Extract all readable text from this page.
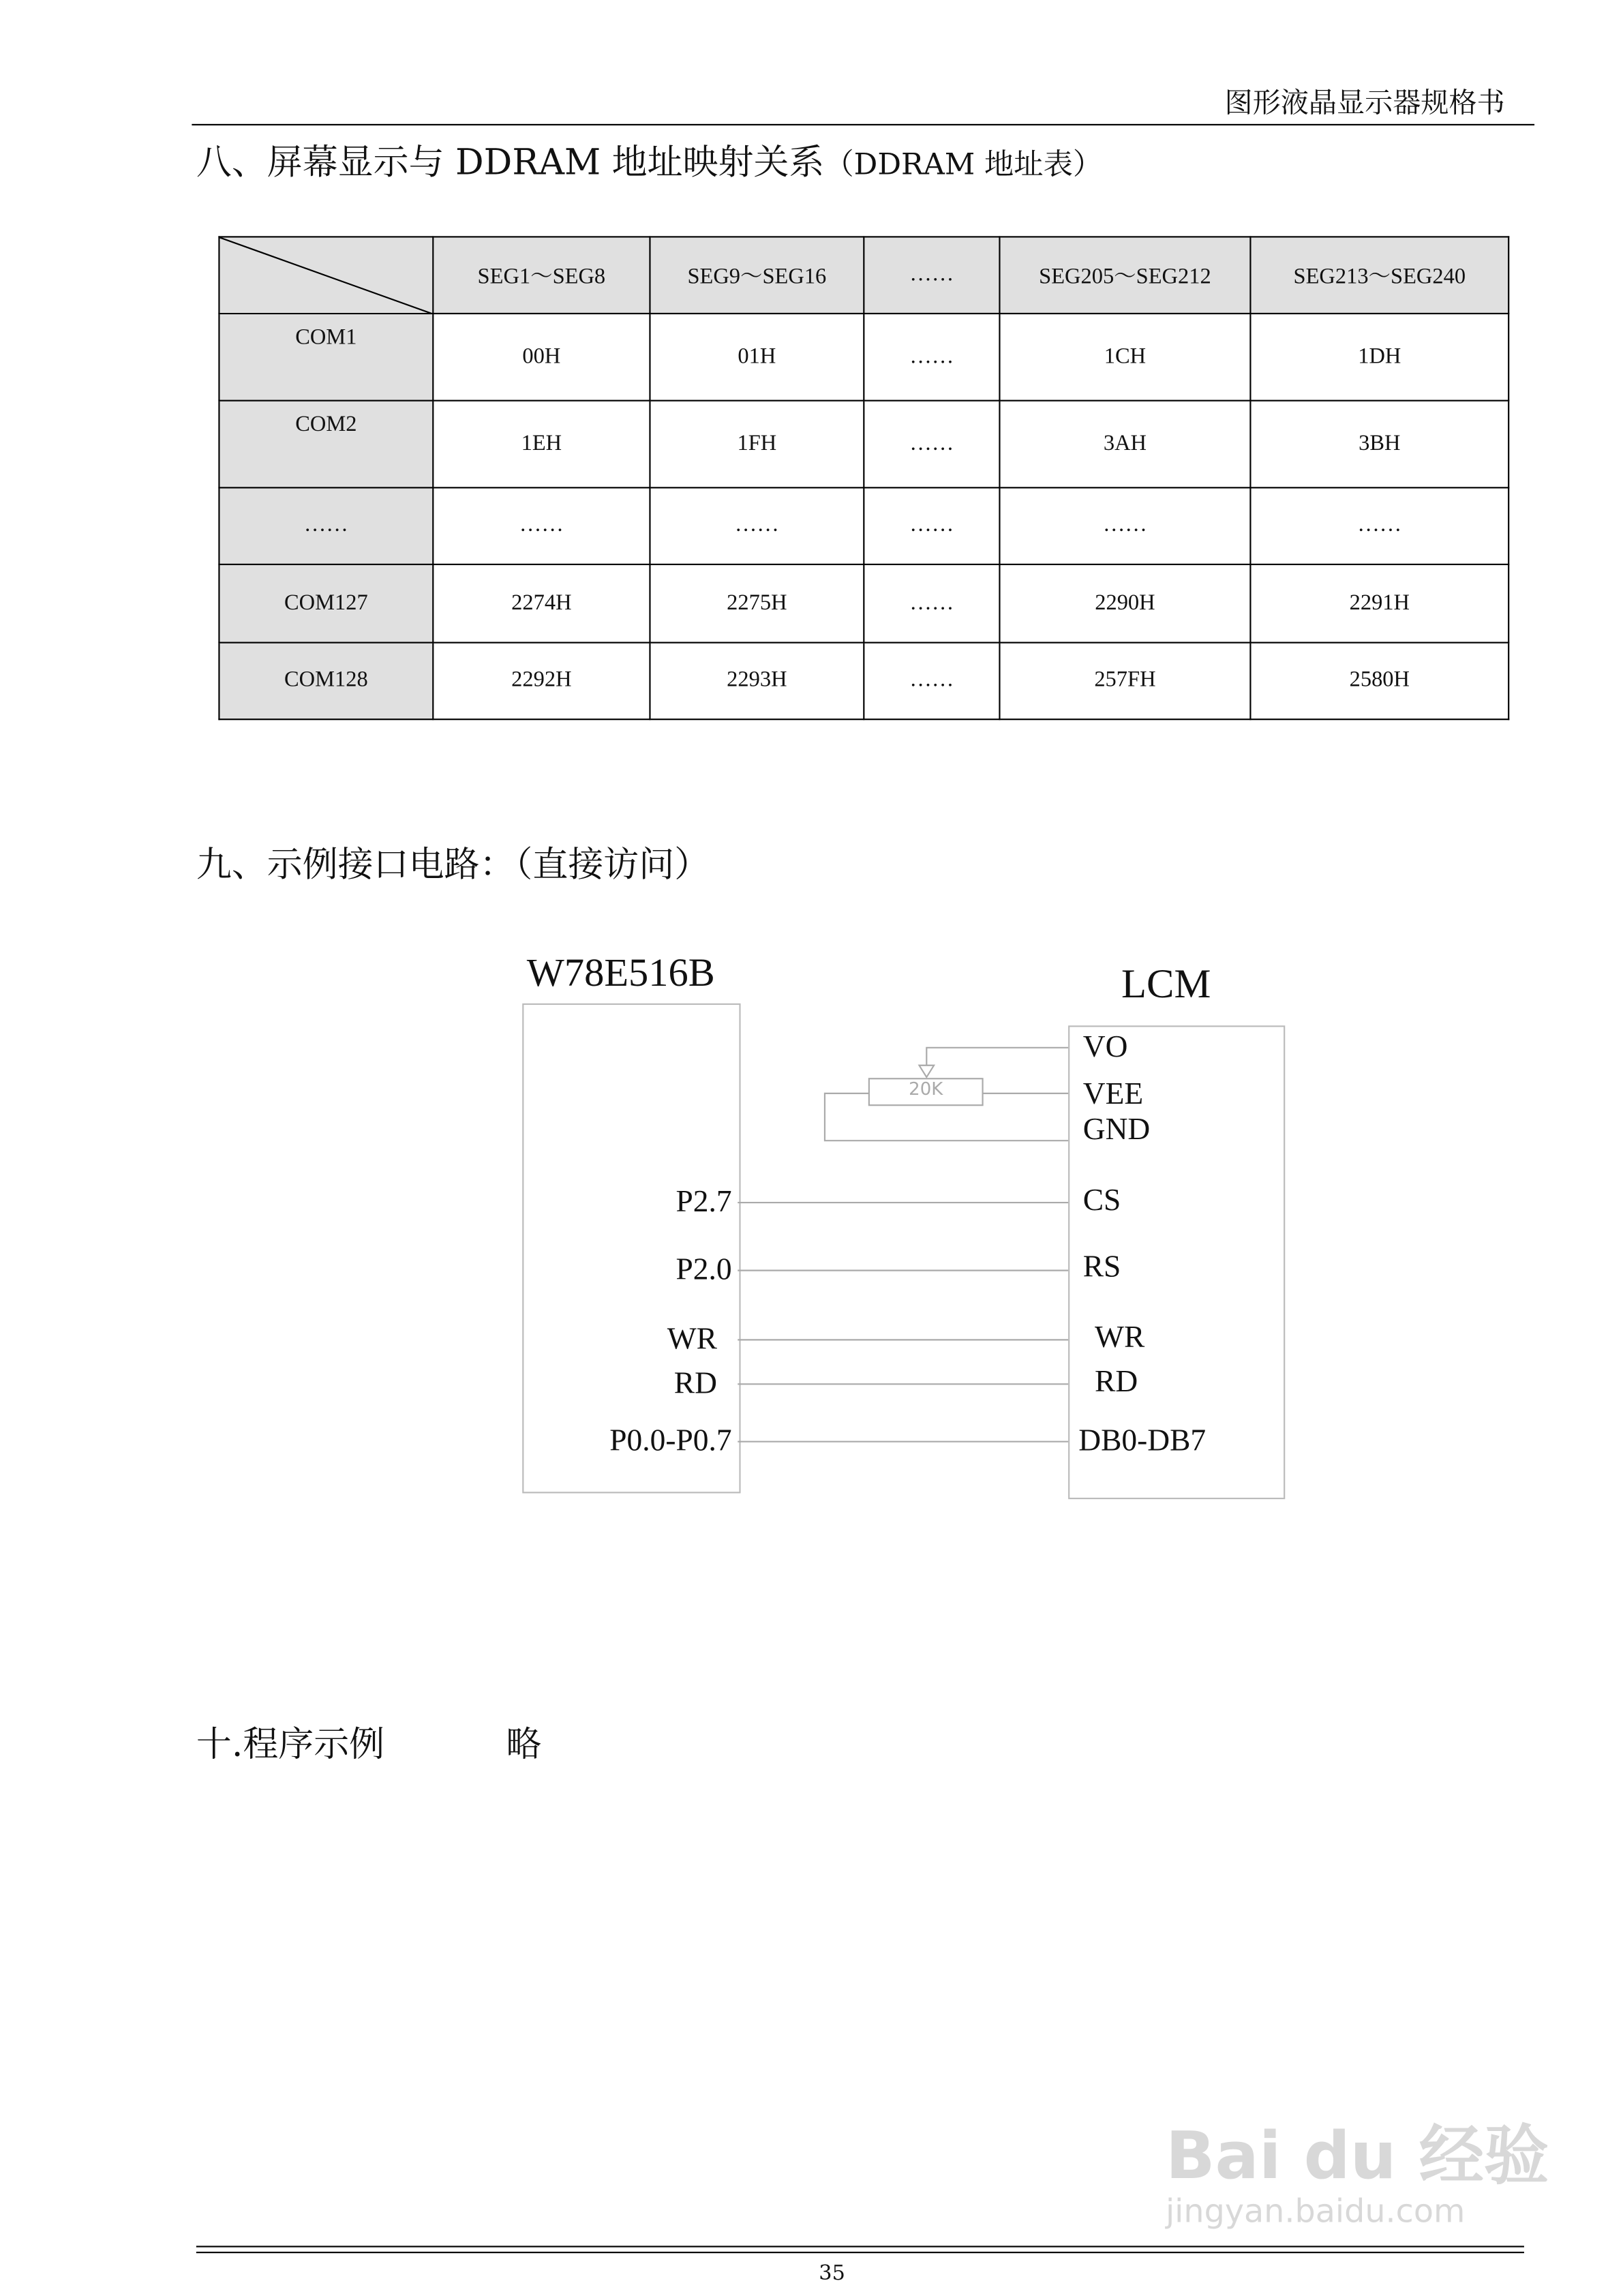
图形液晶显示器规格书
八、屏幕显示与 DDRAM 地址映射关系（DDRAM 地址表）
	SEG1～SEG8	SEG9～SEG16	……	SEG205～SEG212	SEG213～SEG240
COM1	00H	01H	……	1CH	1DH
COM2	1EH	1FH	……	3AH	3BH
……	……	……	……	……	……
COM127	2274H	2275H	……	2290H	2291H
COM128	2292H	2293H	……	257FH	2580H
九、示例接口电路：（直接访问）
W78E516B	LCM
20K
P2.7
P2.0
WR
RD
P0.0-P0.7
VO
VEE
GND
CS
RS
WR
RD
DB0-DB7
十.程序示例	略
Bai du 经验
jingyan.baidu.com
35
